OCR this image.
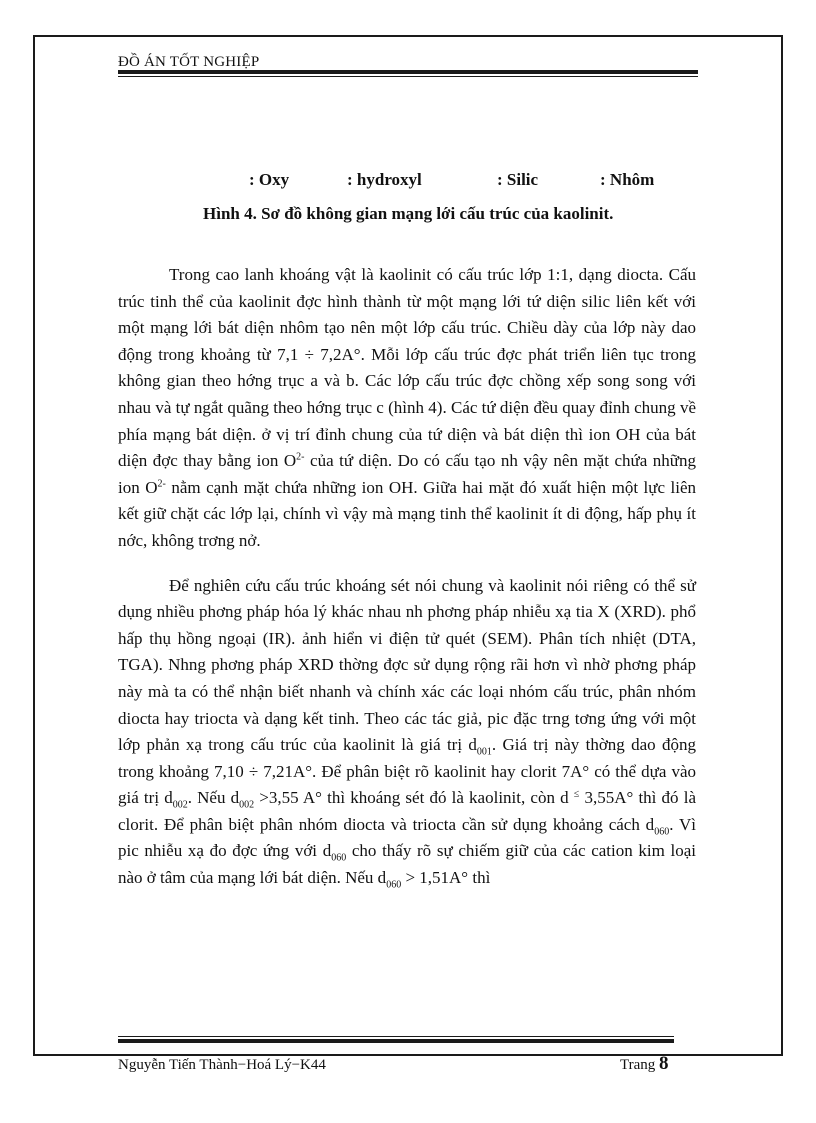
ĐỒ ÁN TỐT NGHIỆP
: Oxy	: hydroxyl	: Silic	: Nhôm
Hình 4. Sơ đồ không gian mạng lới cấu trúc của kaolinit.

Trong cao lanh khoáng vật là kaolinit có cấu trúc lớp 1:1, dạng diocta. Cấu trúc tinh thể của kaolinit đợc hình thành từ một mạng lới tứ diện silic liên kết với một mạng lới bát diện nhôm tạo nên một lớp cấu trúc. Chiều dày của lớp này dao động trong khoảng từ 7,1 ÷ 7,2A°. Mỗi lớp cấu trúc đợc phát triển liên tục trong không gian theo hớng trục a và b. Các lớp cấu trúc đợc chồng xếp song song với nhau và tự ngắt quãng theo hớng trục c (hình 4). Các tứ diện đều quay đỉnh chung về phía mạng bát diện. ở vị trí đỉnh chung của tứ diện và bát diện thì ion OH của bát diện đợc thay bằng ion $O^{2-}$ của tứ diện. Do có cấu tạo nh vậy nên mặt chứa những ion $O^{2-}$ nằm cạnh mặt chứa những ion OH. Giữa hai mặt đó xuất hiện một lực liên kết giữ chặt các lớp lại, chính vì vậy mà mạng tinh thể kaolinit ít di động, hấp phụ ít nớc, không trơng nở.

Để nghiên cứu cấu trúc khoáng sét nói chung và kaolinit nói riêng có thể sử dụng nhiều phơng pháp hóa lý khác nhau nh phơng pháp nhiễu xạ tia X (XRD). phổ hấp thụ hồng ngoại (IR). ảnh hiển vi điện tử quét (SEM). Phân tích nhiệt (DTA, TGA). Nhng phơng pháp XRD thờng đợc sử dụng rộng rãi hơn vì nhờ phơng pháp này mà ta có thể nhận biết nhanh và chính xác các loại nhóm cấu trúc, phân nhóm diocta hay triocta và dạng kết tinh. Theo các tác giả, pic đặc trng tơng ứng với một lớp phản xạ trong cấu trúc của kaolinit là giá trị $d_{001}$. Giá trị này thờng dao động trong khoảng 7,10 ÷ 7,21A°. Để phân biệt rõ kaolinit hay clorit 7A° có thể dựa vào giá trị $d_{002}$. Nếu $d_{002} >3,55$ A° thì khoáng sét đó là kaolinit, còn d ≤ 3,55A° thì đó là clorit. Để phân biệt phân nhóm diocta và triocta cần sử dụng khoảng cách $d_{060}$. Vì pic nhiễu xạ đo đợc ứng với $d_{060}$ cho thấy rõ sự chiếm giữ của các cation kim loại nào ở tâm của mạng lới bát diện. Nếu $d_{060} > 1,51A^\circ$ thì

Nguyễn Tiến Thành−Hoá Lý−K44	Trang 8
